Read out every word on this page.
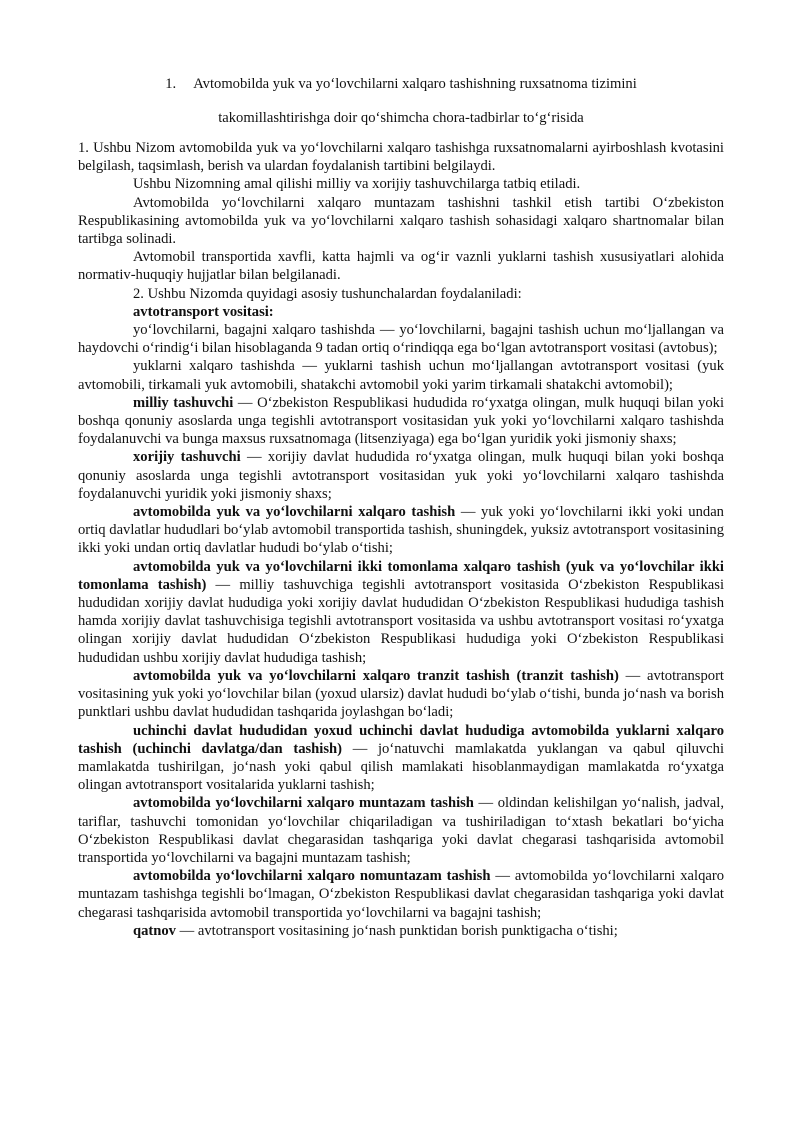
1. Avtomobilda yuk va yo‘lovchilarni xalqaro tashishning ruxsatnoma tizimini
takomillashtirishga doir qo‘shimcha chora-tadbirlar to‘g‘risida

1. Ushbu Nizom avtomobilda yuk va yo‘lovchilarni xalqaro tashishga ruxsatnomalarni ayirboshlash kvotasini belgilash, taqsimlash, berish va ulardan foydalanish tartibini belgilaydi.

Ushbu Nizomning amal qilishi milliy va xorijiy tashuvchilarga tatbiq etiladi.

Avtomobilda yo‘lovchilarni xalqaro muntazam tashishni tashkil etish tartibi O‘zbekiston Respublikasining avtomobilda yuk va yo‘lovchilarni xalqaro tashish sohasidagi xalqaro shartnomalar bilan tartibga solinadi.

Avtomobil transportida xavfli, katta hajmli va og‘ir vaznli yuklarni tashish xususiyatlari alohida normativ-huquqiy hujjatlar bilan belgilanadi.

2. Ushbu Nizomda quyidagi asosiy tushunchalardan foydalaniladi:

avtotransport vositasi:

yo‘lovchilarni, bagajni xalqaro tashishda — yo‘lovchilarni, bagajni tashish uchun mo‘ljallangan va haydovchi o‘rindig‘i bilan hisoblaganda 9 tadan ortiq o‘rindiqqa ega bo‘lgan avtotransport vositasi (avtobus);

yuklarni xalqaro tashishda — yuklarni tashish uchun mo‘ljallangan avtotransport vositasi (yuk avtomobili, tirkamali yuk avtomobili, shatakchi avtomobil yoki yarim tirkamali shatakchi avtomobil);

milliy tashuvchi — O‘zbekiston Respublikasi hududida ro‘yxatga olingan, mulk huquqi bilan yoki boshqa qonuniy asoslarda unga tegishli avtotransport vositasidan yuk yoki yo‘lovchilarni xalqaro tashishda foydalanuvchi va bunga maxsus ruxsatnomaga (litsenziyaga) ega bo‘lgan yuridik yoki jismoniy shaxs;

xorijiy tashuvchi — xorijiy davlat hududida ro‘yxatga olingan, mulk huquqi bilan yoki boshqa qonuniy asoslarda unga tegishli avtotransport vositasidan yuk yoki yo‘lovchilarni xalqaro tashishda foydalanuvchi yuridik yoki jismoniy shaxs;

avtomobilda yuk va yo‘lovchilarni xalqaro tashish — yuk yoki yo‘lovchilarni ikki yoki undan ortiq davlatlar hududlari bo‘ylab avtomobil transportida tashish, shuningdek, yuksiz avtotransport vositasining ikki yoki undan ortiq davlatlar hududi bo‘ylab o‘tishi;

avtomobilda yuk va yo‘lovchilarni ikki tomonlama xalqaro tashish (yuk va yo‘lovchilar ikki tomonlama tashish) — milliy tashuvchiga tegishli avtotransport vositasida O‘zbekiston Respublikasi hududidan xorijiy davlat hududiga yoki xorijiy davlat hududidan O‘zbekiston Respublikasi hududiga tashish hamda xorijiy davlat tashuvchisiga tegishli avtotransport vositasida va ushbu avtotransport vositasi ro‘yxatga olingan xorijiy davlat hududidan O‘zbekiston Respublikasi hududiga yoki O‘zbekiston Respublikasi hududidan ushbu xorijiy davlat hududiga tashish;

avtomobilda yuk va yo‘lovchilarni xalqaro tranzit tashish (tranzit tashish) — avtotransport vositasining yuk yoki yo‘lovchilar bilan (yoxud ularsiz) davlat hududi bo‘ylab o‘tishi, bunda jo‘nash va borish punktlari ushbu davlat hududidan tashqarida joylashgan bo‘ladi;

uchinchi davlat hududidan yoxud uchinchi davlat hududiga avtomobilda yuklarni xalqaro tashish (uchinchi davlatga/dan tashish) — jo‘natuvchi mamlakatda yuklangan va qabul qiluvchi mamlakatda tushirilgan, jo‘nash yoki qabul qilish mamlakati hisoblanmaydigan mamlakatda ro‘yxatga olingan avtotransport vositalarida yuklarni tashish;

avtomobilda yo‘lovchilarni xalqaro muntazam tashish — oldindan kelishilgan yo‘nalish, jadval, tariflar, tashuvchi tomonidan yo‘lovchilar chiqariladigan va tushiriladigan to‘xtash bekatlari bo‘yicha O‘zbekiston Respublikasi davlat chegarasidan tashqariga yoki davlat chegarasi tashqarisida avtomobil transportida yo‘lovchilarni va bagajni muntazam tashish;

avtomobilda yo‘lovchilarni xalqaro nomuntazam tashish — avtomobilda yo‘lovchilarni xalqaro muntazam tashishga tegishli bo‘lmagan, O‘zbekiston Respublikasi davlat chegarasidan tashqariga yoki davlat chegarasi tashqarisida avtomobil transportida yo‘lovchilarni va bagajni tashish;

qatnov — avtotransport vositasining jo‘nash punktidan borish punktigacha o‘tishi;
